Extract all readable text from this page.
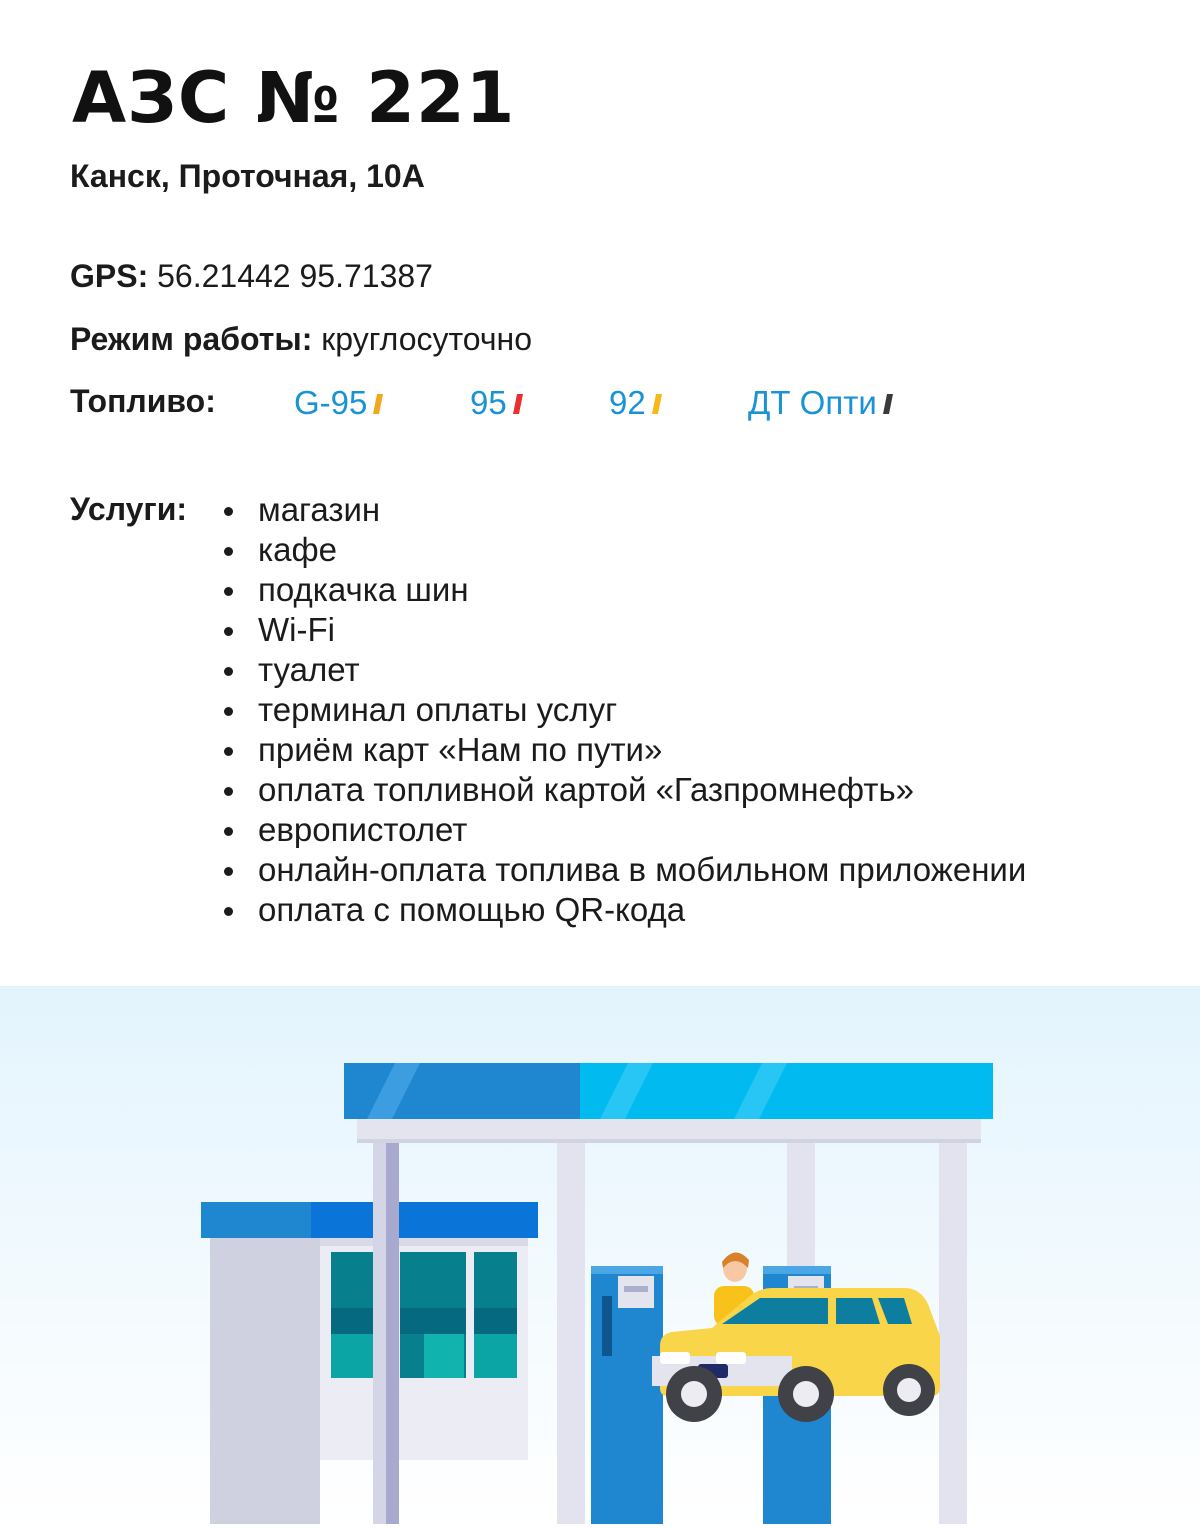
АЗС № 221
Канск, Проточная, 10А
GPS: 56.21442 95.71387
Режим работы: круглосуточно
Топливо: G-95	95	92	ДТ Опти
Услуги:	магазин
кафе
подкачка шин
Wi-Fi
туалет
терминал оплаты услуг
приём карт «Нам по пути»
оплата топливной картой «Газпромнефть»
европистолет
онлайн-оплата топлива в мобильном приложении
оплата с помощью QR-кода
